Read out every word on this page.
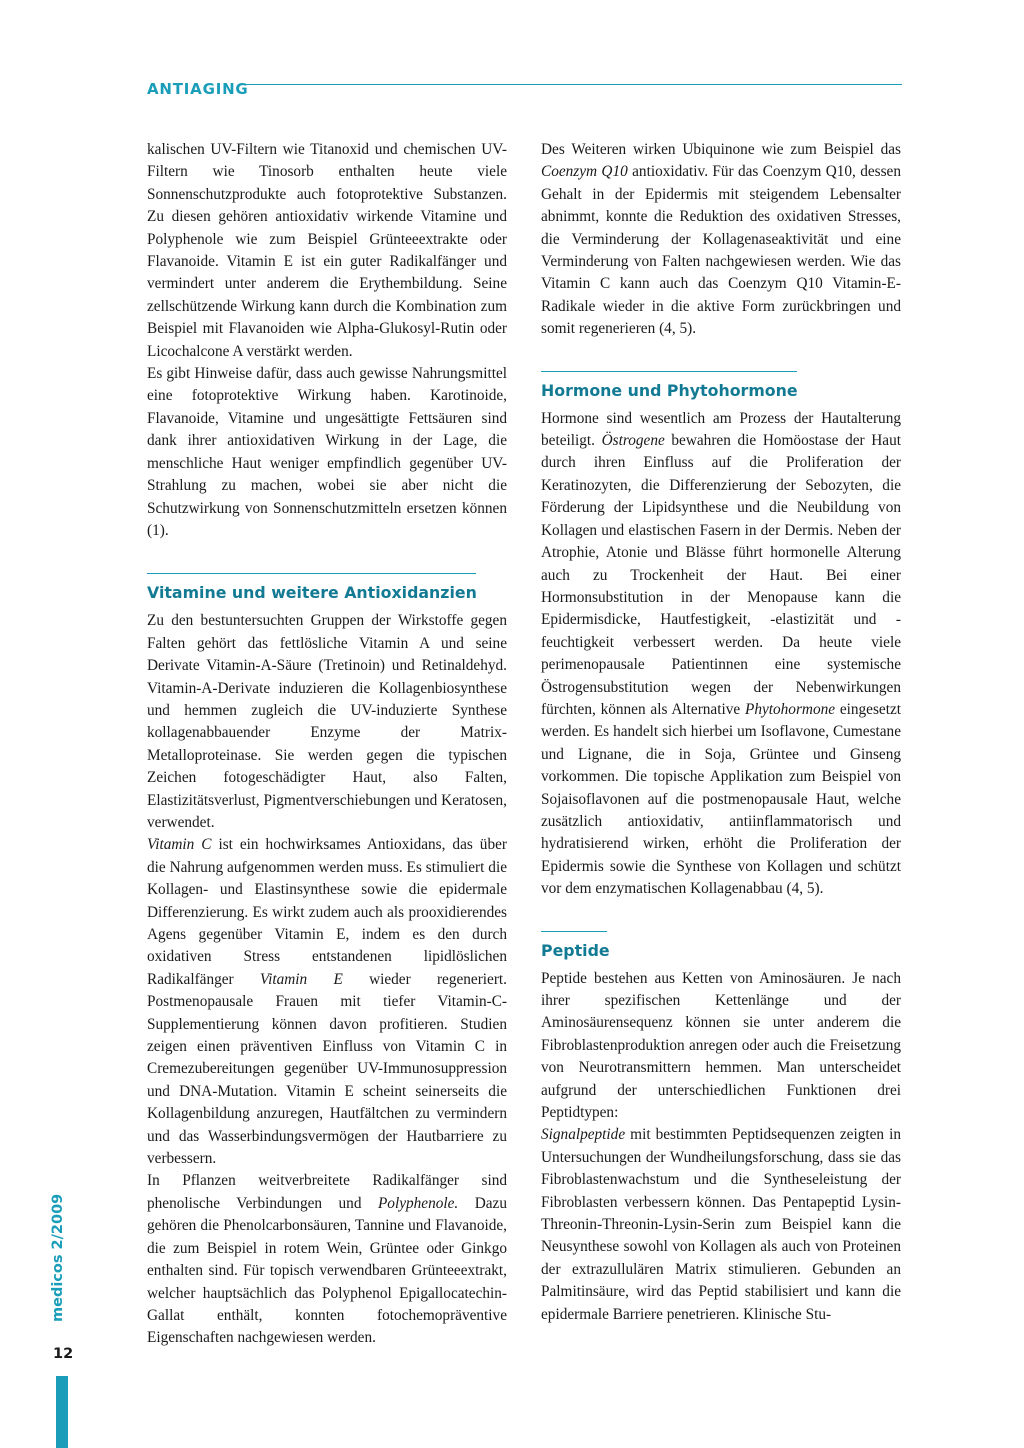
ANTIAGING

kalischen UV-Filtern wie Titanoxid und chemischen UV-Filtern wie Tinosorb enthalten heute viele Sonnenschutzprodukte auch fotoprotektive Substanzen. Zu diesen gehören antioxidativ wirkende Vitamine und Polyphenole wie zum Beispiel Grünteeextrakte oder Flavanoide. Vitamin E ist ein guter Radikalfänger und vermindert unter anderem die Erythembildung. Seine zellschützende Wirkung kann durch die Kombination zum Beispiel mit Flavanoiden wie Alpha-Glukosyl-Rutin oder Licochalcone A verstärkt werden.

Es gibt Hinweise dafür, dass auch gewisse Nahrungsmittel eine fotoprotektive Wirkung haben. Karotinoide, Flavanoide, Vitamine und ungesättigte Fettsäuren sind dank ihrer antioxidativen Wirkung in der Lage, die menschliche Haut weniger empfindlich gegenüber UV-Strahlung zu machen, wobei sie aber nicht die Schutzwirkung von Sonnenschutzmitteln ersetzen können (1).

Vitamine und weitere Antioxidanzien

Zu den bestuntersuchten Gruppen der Wirkstoffe gegen Falten gehört das fettlösliche Vitamin A und seine Derivate Vitamin-A-Säure (Tretinoin) und Retinaldehyd. Vitamin-A-Derivate induzieren die Kollagenbiosynthese und hemmen zugleich die UV-induzierte Synthese kollagenabbauender Enzyme der Matrix-Metalloproteinase. Sie werden gegen die typischen Zeichen fotogeschädigter Haut, also Falten, Elastizitätsverlust, Pigmentverschiebungen und Keratosen, verwendet.

Vitamin C ist ein hochwirksames Antioxidans, das über die Nahrung aufgenommen werden muss. Es stimuliert die Kollagen- und Elastinsynthese sowie die epidermale Differenzierung. Es wirkt zudem auch als prooxidierendes Agens gegenüber Vitamin E, indem es den durch oxidativen Stress entstandenen lipidlöslichen Radikalfänger Vitamin E wieder regeneriert. Postmenopausale Frauen mit tiefer Vitamin-C-Supplementierung können davon profitieren. Studien zeigen einen präventiven Einfluss von Vitamin C in Cremezubereitungen gegenüber UV-Immunosuppression und DNA-Mutation. Vitamin E scheint seinerseits die Kollagenbildung anzuregen, Hautfältchen zu vermindern und das Wasserbindungsvermögen der Hautbarriere zu verbessern.

In Pflanzen weitverbreitete Radikalfänger sind phenolische Verbindungen und Polyphenole. Dazu gehören die Phenolcarbonsäuren, Tannine und Flavanoide, die zum Beispiel in rotem Wein, Grüntee oder Ginkgo enthalten sind. Für topisch verwendbaren Grünteeextrakt, welcher hauptsächlich das Polyphenol Epigallocatechin-Gallat enthält, konnten fotochemopräventive Eigenschaften nachgewiesen werden.

Des Weiteren wirken Ubiquinone wie zum Beispiel das Coenzym Q10 antioxidativ. Für das Coenzym Q10, dessen Gehalt in der Epidermis mit steigendem Lebensalter abnimmt, konnte die Reduktion des oxidativen Stresses, die Verminderung der Kollagenaseaktivität und eine Verminderung von Falten nachgewiesen werden. Wie das Vitamin C kann auch das Coenzym Q10 Vitamin-E-Radikale wieder in die aktive Form zurückbringen und somit regenerieren (4, 5).

Hormone und Phytohormone

Hormone sind wesentlich am Prozess der Hautalterung beteiligt. Östrogene bewahren die Homöostase der Haut durch ihren Einfluss auf die Proliferation der Keratinozyten, die Differenzierung der Sebozyten, die Förderung der Lipidsynthese und die Neubildung von Kollagen und elastischen Fasern in der Dermis. Neben der Atrophie, Atonie und Blässe führt hormonelle Alterung auch zu Trockenheit der Haut. Bei einer Hormonsubstitution in der Menopause kann die Epidermisdicke, Hautfestigkeit, -elastizität und -feuchtigkeit verbessert werden. Da heute viele perimenopausale Patientinnen eine systemische Östrogensubstitution wegen der Nebenwirkungen fürchten, können als Alternative Phytohormone eingesetzt werden. Es handelt sich hierbei um Isoflavone, Cumestane und Lignane, die in Soja, Grüntee und Ginseng vorkommen. Die topische Applikation zum Beispiel von Sojaisoflavonen auf die postmenopausale Haut, welche zusätzlich antioxidativ, antiinflammatorisch und hydratisierend wirken, erhöht die Proliferation der Epidermis sowie die Synthese von Kollagen und schützt vor dem enzymatischen Kollagenabbau (4, 5).

Peptide

Peptide bestehen aus Ketten von Aminosäuren. Je nach ihrer spezifischen Kettenlänge und der Aminosäurensequenz können sie unter anderem die Fibroblastenproduktion anregen oder auch die Freisetzung von Neurotransmittern hemmen. Man unterscheidet aufgrund der unterschiedlichen Funktionen drei Peptidtypen:

Signalpeptide mit bestimmten Peptidsequenzen zeigten in Untersuchungen der Wundheilungsforschung, dass sie das Fibroblastenwachstum und die Syntheseleistung der Fibroblasten verbessern können. Das Pentapeptid Lysin-Threonin-Threonin-Lysin-Serin zum Beispiel kann die Neusynthese sowohl von Kollagen als auch von Proteinen der extrazullulären Matrix stimulieren. Gebunden an Palmitinsäure, wird das Peptid stabilisiert und kann die epidermale Barriere penetrieren. Klinische Stu-

medicos 2/2009
12
